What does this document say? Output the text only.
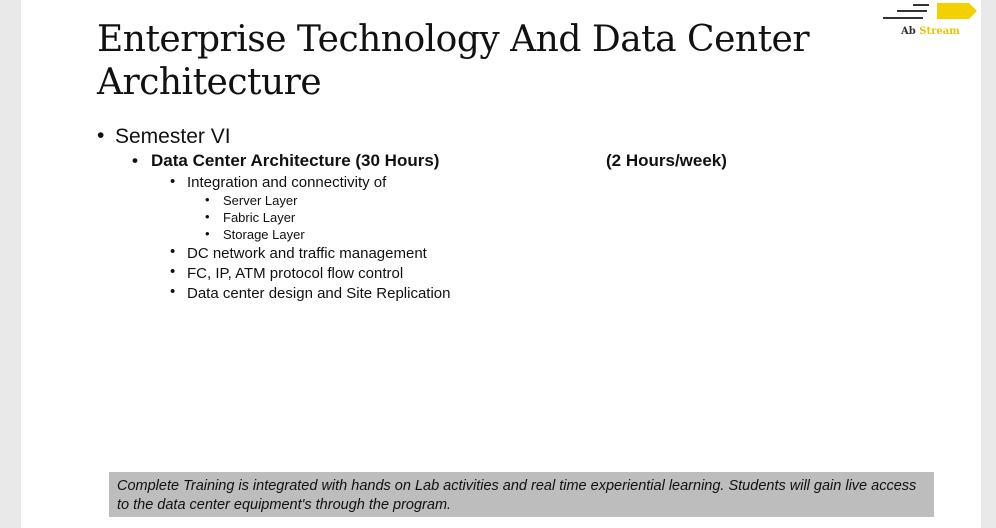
Enterprise Technology And Data Center Architecture
Ab Stream
• Semester VI
• Data Center Architecture (30 Hours)	(2 Hours/week)
• Integration and connectivity of
• Server Layer
• Fabric Layer
• Storage Layer
• DC network and traffic management
• FC, IP, ATM protocol flow control
• Data center design and Site Replication
Complete Training is integrated with hands on Lab activities and real time experiential learning. Students will gain live access to the data center equipment's through the program.
